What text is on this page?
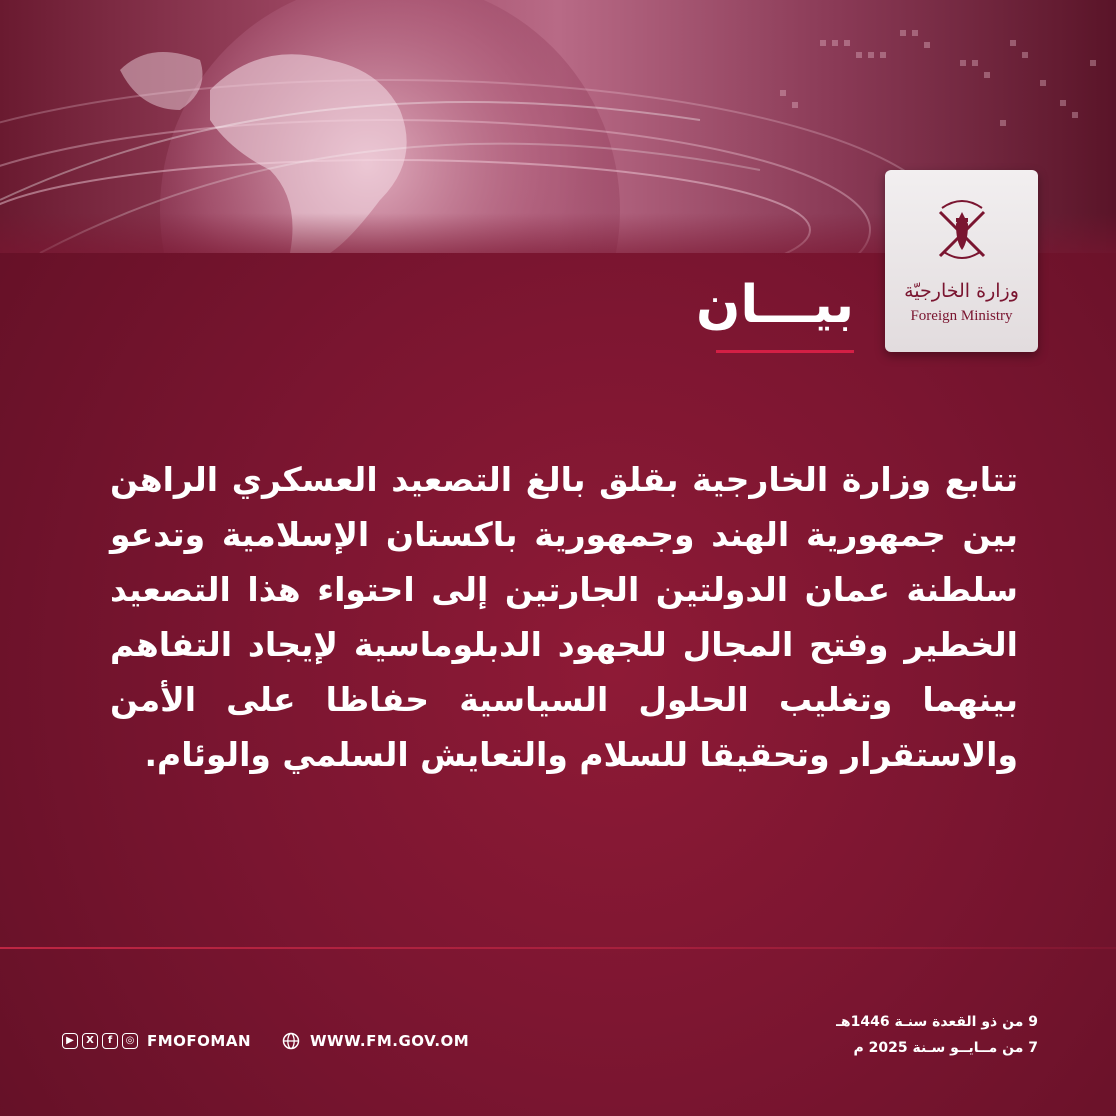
وزارة الخارجيّة
Foreign Ministry
بيـــان
تتابع وزارة الخارجية بقلق بالغ التصعيد العسكري الراهن بين جمهورية الهند وجمهورية باكستان الإسلامية وتدعو سلطنة عمان الدولتين الجارتين إلى احتواء هذا التصعيد الخطير وفتح المجال للجهود الدبلوماسية لإيجاد التفاهم بينهما وتغليب الحلول السياسية حفاظا على الأمن والاستقرار وتحقيقا للسلام والتعايش السلمي والوئام.
▶	X	f	◎ FMOFOMAN	WWW.FM.GOV.OM
9 من ذو القعدة سنـة 1446هـ
7 من مــايــو سـنة 2025 م
